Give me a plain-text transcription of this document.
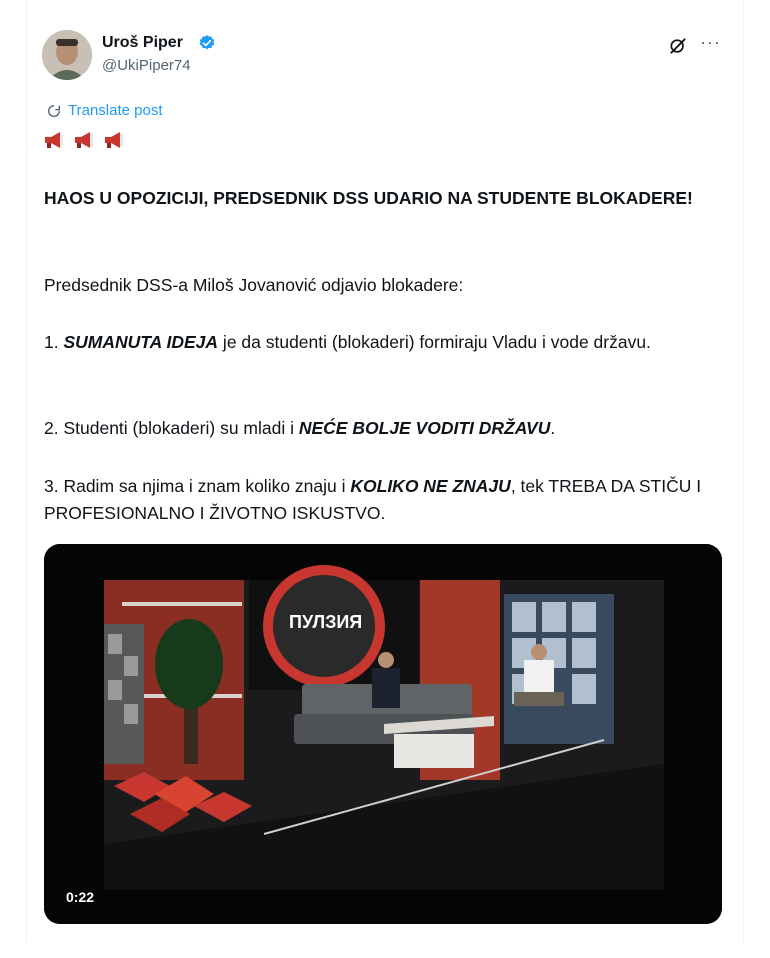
Uroš Piper
@UkiPiper74
···
Translate post
HAOS U OPOZICIJI, PREDSEDNIK DSS UDARIO NA STUDENTE BLOKADERE!
Predsednik DSS-a Miloš Jovanović odjavio blokadere:
1. SUMANUTA IDEJA je da studenti (blokaderi) formiraju Vladu i vode državu.
2. Studenti (blokaderi) su mladi i NEĆE BOLJE VODITI DRŽAVU.
3. Radim sa njima i znam koliko znaju i KOLIKO NE ZNAJU, tek TREBA DA STIČU I PROFESIONALNO I ŽIVOTNO ISKUSTVO.
ПУЛЗИЯ
0:22
